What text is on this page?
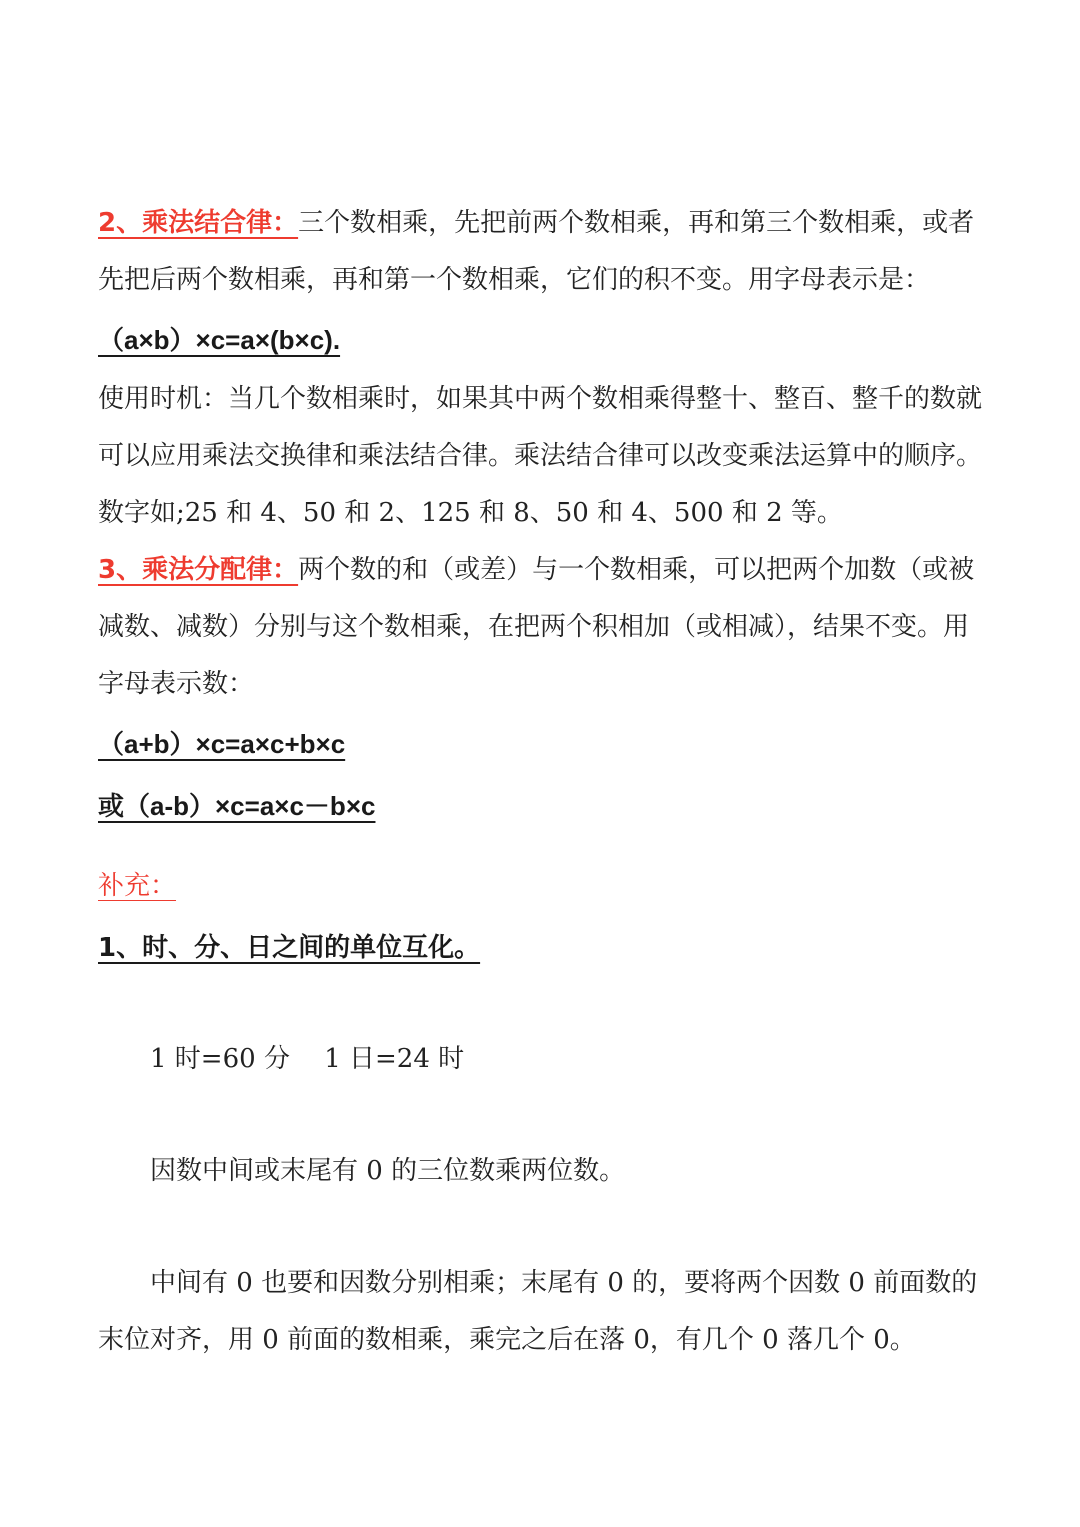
2、乘法结合律：三个数相乘，先把前两个数相乘，再和第三个数相乘，或者先把后两个数相乘，再和第一个数相乘，它们的积不变。用字母表示是：

（a×b）×c=a×(b×c).

使用时机：当几个数相乘时，如果其中两个数相乘得整十、整百、整千的数就可以应用乘法交换律和乘法结合律。乘法结合律可以改变乘法运算中的顺序。数字如;25 和 4、50 和 2、125 和 8、50 和 4、500 和 2 等。

3、乘法分配律：两个数的和（或差）与一个数相乘，可以把两个加数（或被减数、减数）分别与这个数相乘，在把两个积相加（或相减），结果不变。用字母表示数：

（a+b）×c=a×c+b×c

或（a-b）×c=a×c－b×c

补充：

1、时、分、日之间的单位互化。

1 时=60 分　 1 日=24 时

因数中间或末尾有 0 的三位数乘两位数。

中间有 0 也要和因数分别相乘；末尾有 0 的，要将两个因数 0 前面数的末位对齐，用 0 前面的数相乘，乘完之后在落 0，有几个 0 落几个 0。
